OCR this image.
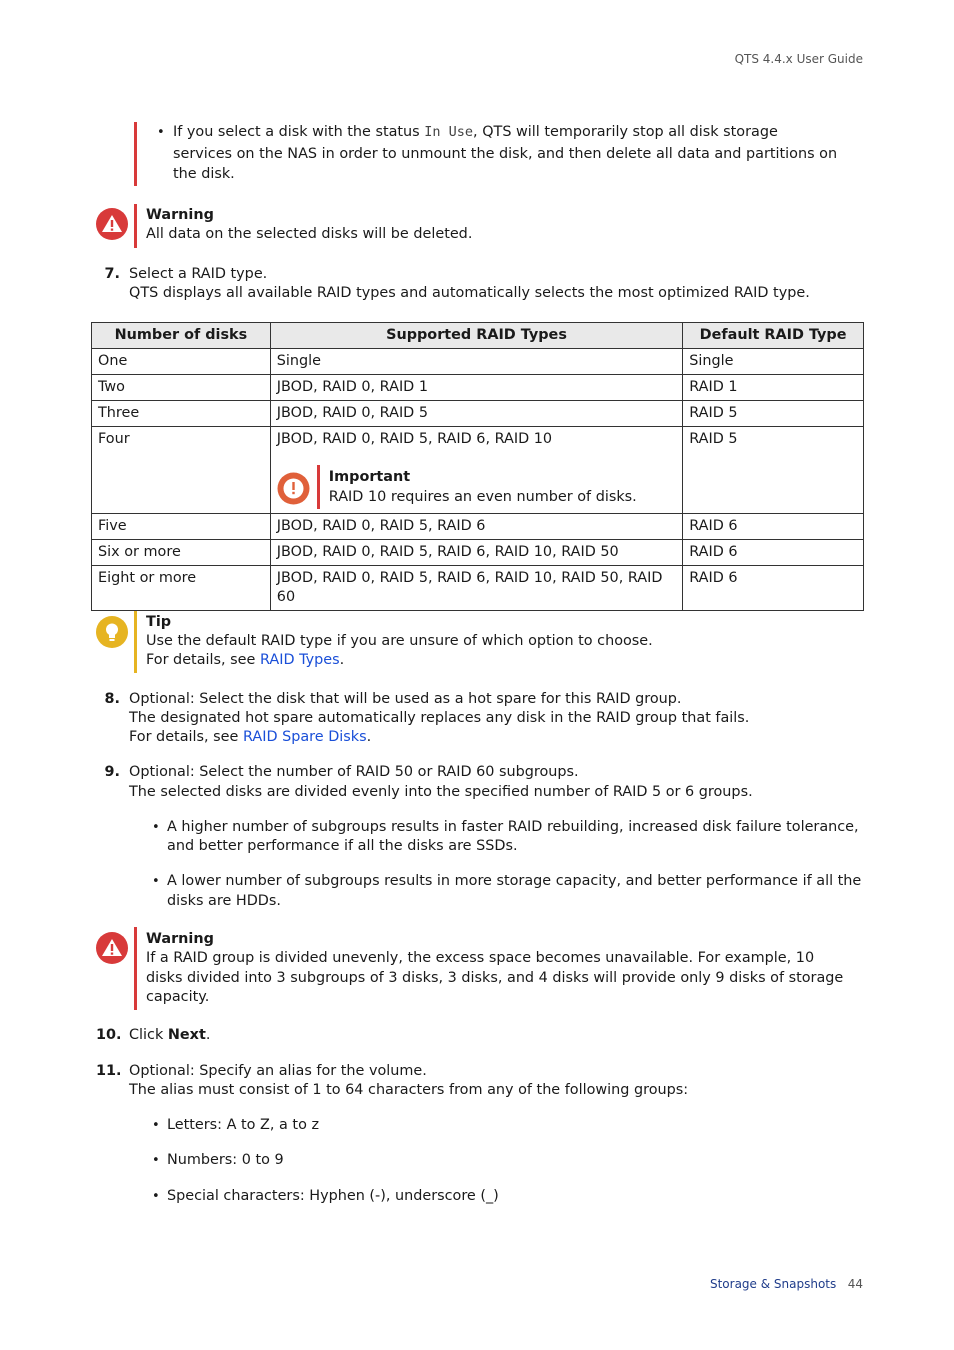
QTS 4.4.x User Guide
• If you select a disk with the status In Use, QTS will temporarily stop all disk storage
services on the NAS in order to unmount the disk, and then delete all data and partitions on
the disk.
Warning
All data on the selected disks will be deleted.
7. Select a RAID type.
QTS displays all available RAID types and automatically selects the most optimized RAID type.
Number of disks	Supported RAID Types	Default RAID Type
One	Single	Single
Two	JBOD, RAID 0, RAID 1	RAID 1
Three	JBOD, RAID 0, RAID 5	RAID 5
Four	JBOD, RAID 0, RAID 5, RAID 6, RAID 10
Important
RAID 10 requires an even number of disks.	RAID 5
Five	JBOD, RAID 0, RAID 5, RAID 6	RAID 6
Six or more	JBOD, RAID 0, RAID 5, RAID 6, RAID 10, RAID 50	RAID 6
Eight or more	JBOD, RAID 0, RAID 5, RAID 6, RAID 10, RAID 50, RAID 60	RAID 6
Tip
Use the default RAID type if you are unsure of which option to choose.
For details, see RAID Types.
8. Optional: Select the disk that will be used as a hot spare for this RAID group.
The designated hot spare automatically replaces any disk in the RAID group that fails.
For details, see RAID Spare Disks.
9. Optional: Select the number of RAID 50 or RAID 60 subgroups.
The selected disks are divided evenly into the specified number of RAID 5 or 6 groups.
• A higher number of subgroups results in faster RAID rebuilding, increased disk failure tolerance,
and better performance if all the disks are SSDs.
• A lower number of subgroups results in more storage capacity, and better performance if all the
disks are HDDs.
Warning
If a RAID group is divided unevenly, the excess space becomes unavailable. For example, 10
disks divided into 3 subgroups of 3 disks, 3 disks, and 4 disks will provide only 9 disks of storage
capacity.
10. Click Next.
11. Optional: Specify an alias for the volume.
The alias must consist of 1 to 64 characters from any of the following groups:
• Letters: A to Z, a to z
• Numbers: 0 to 9
• Special characters: Hyphen (-), underscore (_)
Storage & Snapshots 44
